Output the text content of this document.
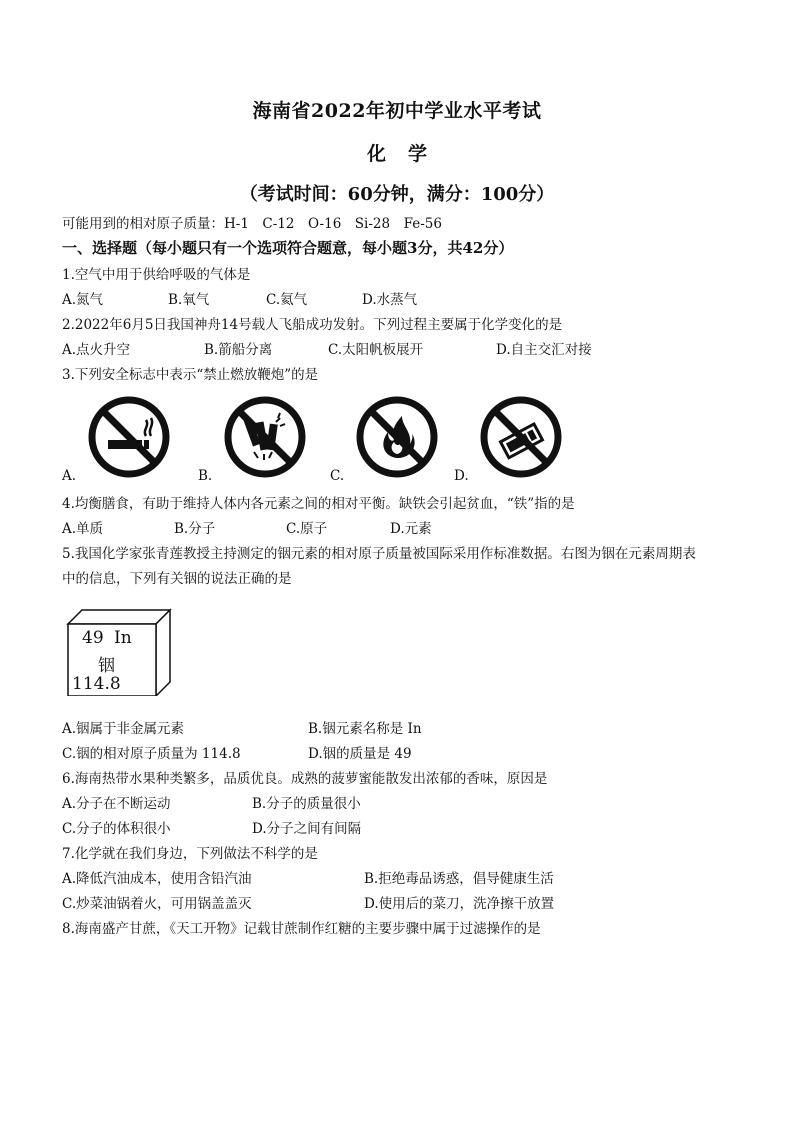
海南省2022年初中学业水平考试
化学
（考试时间：60分钟，满分：100分）
可能用到的相对原子质量：H-1　C-12　O-16　Si-28　Fe-56
一、选择题（每小题只有一个选项符合题意，每小题3分，共42分）
1.空气中用于供给呼吸的气体是
A.氮气	B.氧气	C.氦气	D.水蒸气
2.2022年6月5日我国神舟14号载人飞船成功发射。下列过程主要属于化学变化的是
A.点火升空	B.箭船分离	C.太阳帆板展开	D.自主交汇对接
3.下列安全标志中表示“禁止燃放鞭炮”的是
A.	B.	C.	D.
4.均衡膳食，有助于维持人体内各元素之间的相对平衡。缺铁会引起贫血，“铁”指的是
A.单质	B.分子	C.原子	D.元素
5.我国化学家张青莲教授主持测定的铟元素的相对原子质量被国际采用作标准数据。右图为铟在元素周期表
中的信息，下列有关铟的说法正确的是
49 In
铟
114.8
A.铟属于非金属元素	B.铟元素名称是 In
C.铟的相对原子质量为 114.8	D.铟的质量是 49
6.海南热带水果种类繁多，品质优良。成熟的菠萝蜜能散发出浓郁的香味，原因是
A.分子在不断运动	B.分子的质量很小
C.分子的体积很小	D.分子之间有间隔
7.化学就在我们身边，下列做法不科学的是
A.降低汽油成本，使用含铅汽油	B.拒绝毒品诱惑，倡导健康生活
C.炒菜油锅着火，可用锅盖盖灭	D.使用后的菜刀，洗净擦干放置
8.海南盛产甘蔗，《天工开物》记载甘蔗制作红糖的主要步骤中属于过滤操作的是
